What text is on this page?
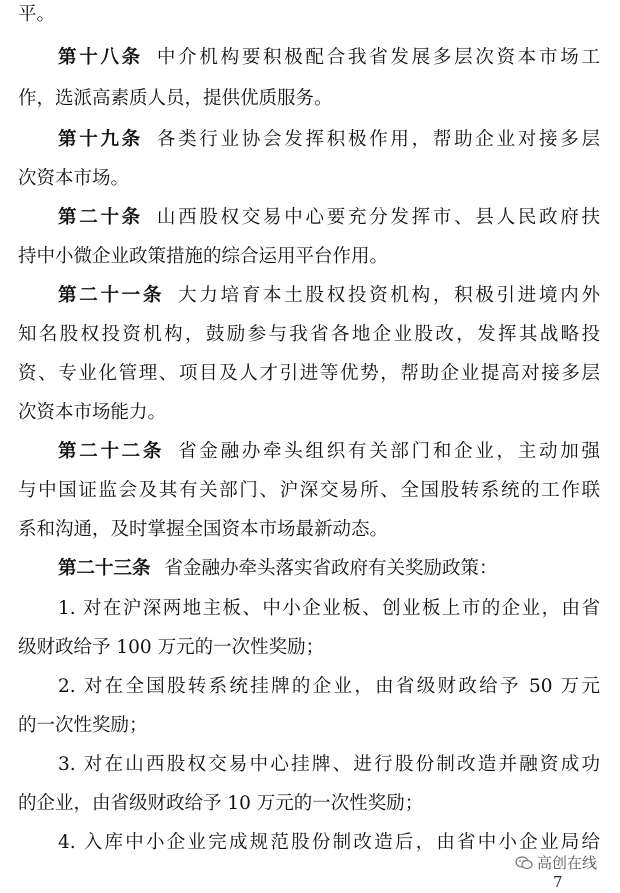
平。
第十八条 中介机构要积极配合我省发展多层次资本市场工
作，选派高素质人员，提供优质服务。
第十九条 各类行业协会发挥积极作用，帮助企业对接多层
次资本市场。
第二十条 山西股权交易中心要充分发挥市、县人民政府扶
持中小微企业政策措施的综合运用平台作用。
第二十一条 大力培育本土股权投资机构，积极引进境内外
知名股权投资机构，鼓励参与我省各地企业股改，发挥其战略投
资、专业化管理、项目及人才引进等优势，帮助企业提高对接多层
次资本市场能力。
第二十二条 省金融办牵头组织有关部门和企业，主动加强
与中国证监会及其有关部门、沪深交易所、全国股转系统的工作联
系和沟通，及时掌握全国资本市场最新动态。
第二十三条 省金融办牵头落实省政府有关奖励政策：
1. 对在沪深两地主板、中小企业板、创业板上市的企业，由省
级财政给予 100 万元的一次性奖励；
2. 对在全国股转系统挂牌的企业，由省级财政给予 50 万元
的一次性奖励；
3. 对在山西股权交易中心挂牌、进行股份制改造并融资成功
的企业，由省级财政给予 10 万元的一次性奖励；
4. 入库中小企业完成规范股份制改造后，由省中小企业局给
高创在线
7
